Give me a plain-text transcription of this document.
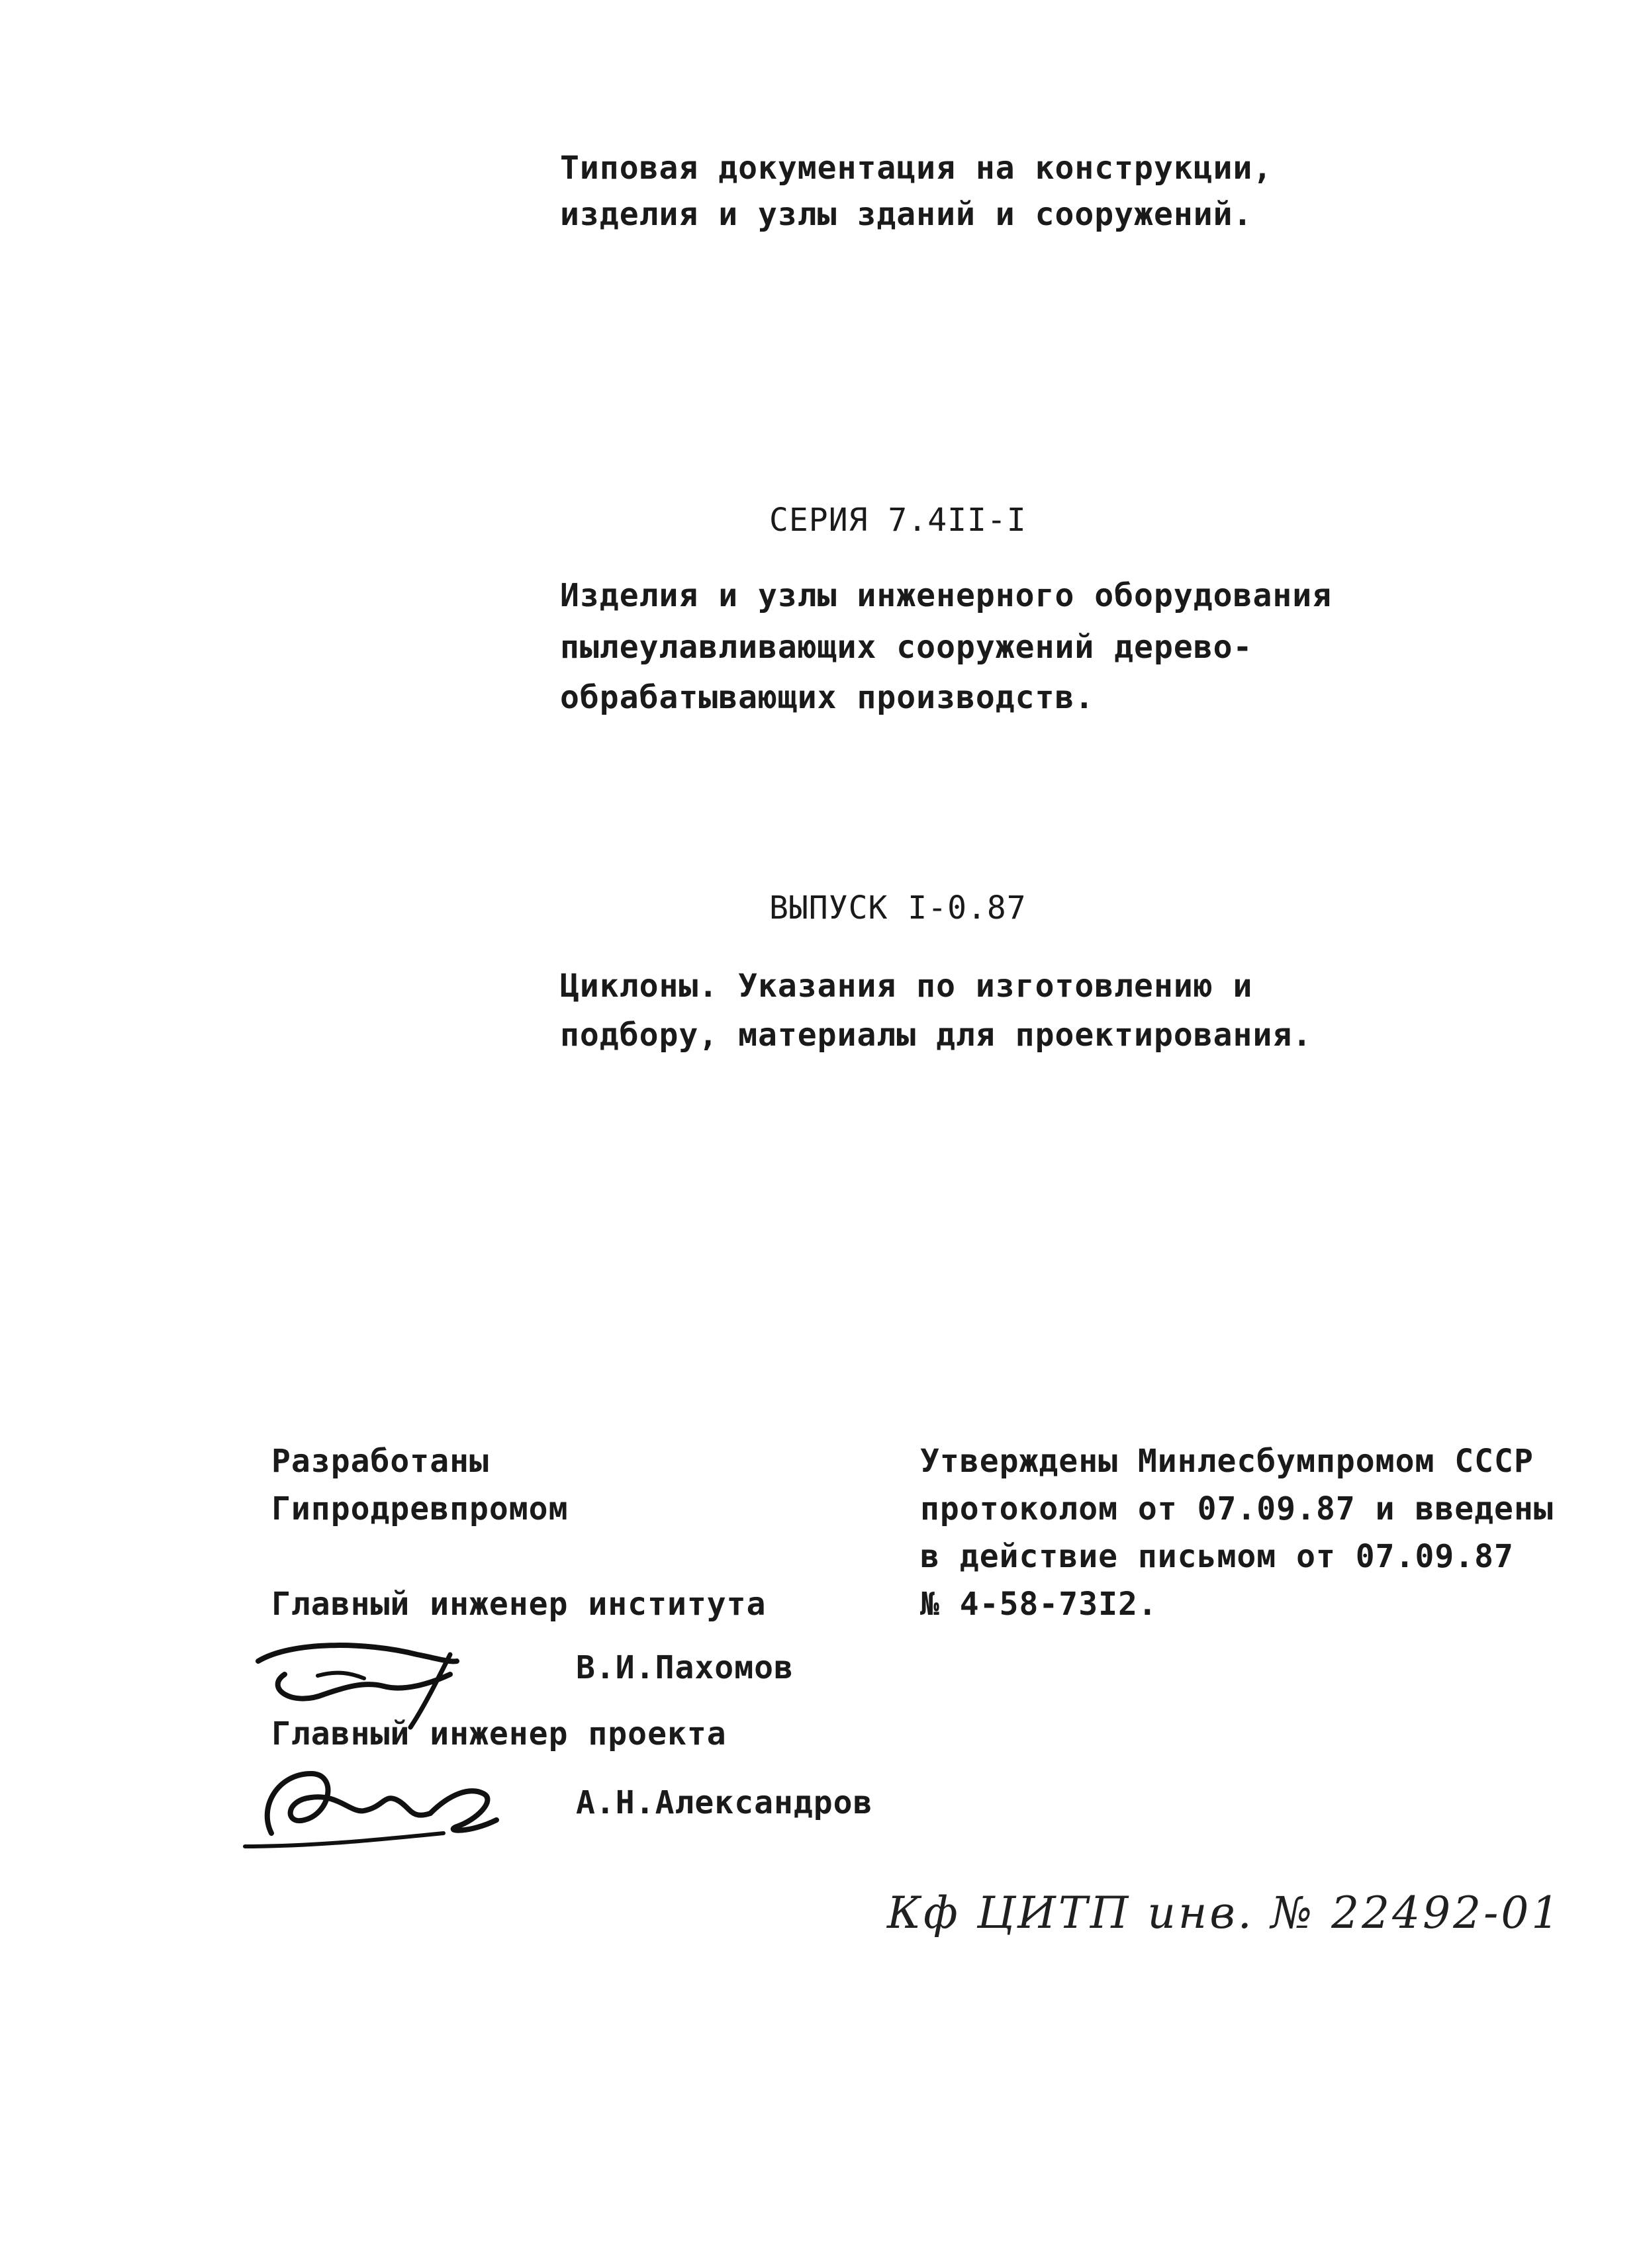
Типовая документация на конструкции,
изделия и узлы зданий и сооружений.
СЕРИЯ 7.4II-I
Изделия и узлы инженерного оборудования
пылеулавливающих сооружений дерево-
обрабатывающих производств.
ВЫПУСК I-0.87
Циклоны. Указания по изготовлению и
подбору, материалы для проектирования.
Разработаны
Гипродревпромом
Утверждены Минлесбумпромом СССР
протоколом от 07.09.87 и введены
в действие письмом от 07.09.87
№ 4-58-73I2.
Главный инженер института
В.И.Пахомов
Главный инженер проекта
А.Н.Александров
Кф ЦИТП инв. № 22492-01
